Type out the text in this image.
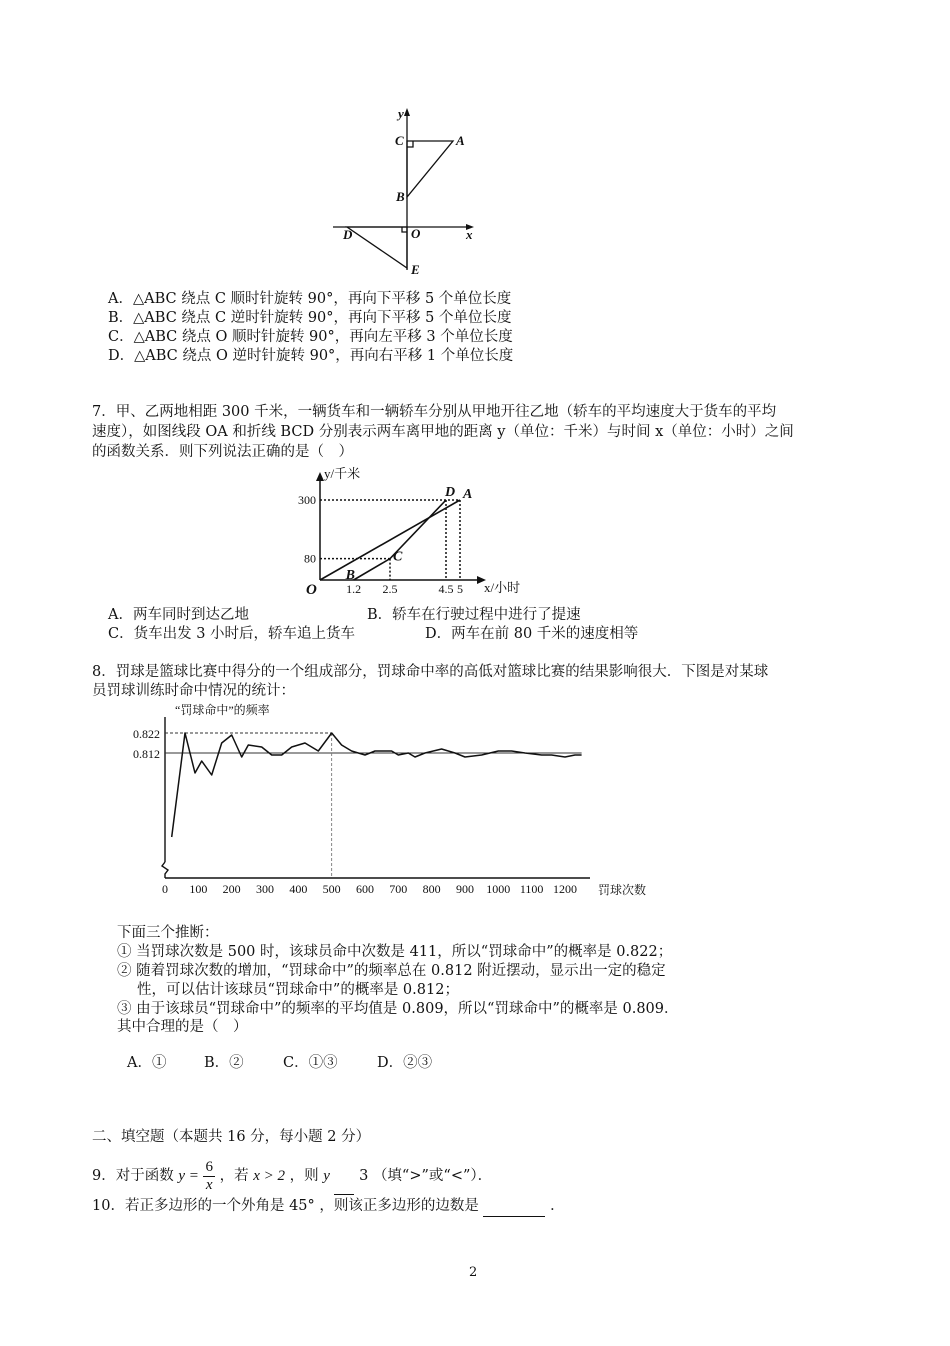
y
C	A
B
D	O	x
E
A．△ABC 绕点 C 顺时针旋转 90°，再向下平移 5 个单位长度
B．△ABC 绕点 C 逆时针旋转 90°，再向下平移 5 个单位长度
C．△ABC 绕点 O 顺时针旋转 90°，再向左平移 3 个单位长度
D．△ABC 绕点 O 逆时针旋转 90°，再向右平移 1 个单位长度
7．甲、乙两地相距 300 千米，一辆货车和一辆轿车分别从甲地开往乙地（轿车的平均速度大于货车的平均
速度），如图线段 OA 和折线 BCD 分别表示两车离甲地的距离 y（单位：千米）与时间 x（单位：小时）之间
的函数关系．则下列说法正确的是（　）
1.2 2.5	4.5 5
300
80
O
y/千米
x/小时
B
C
D A
A．两车同时到达乙地	B．轿车在行驶过程中进行了提速
C．货车出发 3 小时后，轿车追上货车	D．两车在前 80 千米的速度相等
8．罚球是篮球比赛中得分的一个组成部分，罚球命中率的高低对篮球比赛的结果影响很大．下图是对某球
员罚球训练时命中情况的统计：
0 100 200 300 400 500 600 700 800 900 1000 1100 1200
0.822
0.812
“罚球命中”的频率
罚球次数
下面三个推断：
① 当罚球次数是 500 时，该球员命中次数是 411，所以“罚球命中”的概率是 0.822；
② 随着罚球次数的增加，“罚球命中”的频率总在 0.812 附近摆动，显示出一定的稳定
性，可以估计该球员“罚球命中”的概率是 0.812；
③ 由于该球员“罚球命中”的频率的平均值是 0.809，所以“罚球命中”的概率是 0.809．
其中合理的是（　）
A．①	B．②	C．①③	D．②③
二、填空题（本题共 16 分，每小题 2 分）
9．对于函数 $y = \frac{6}{x}$ ，若 x > 2 ，则 y 3 （填“>”或“<”）．
10．若正多边形的一个外角是 45° ，则该正多边形的边数是	．
2
